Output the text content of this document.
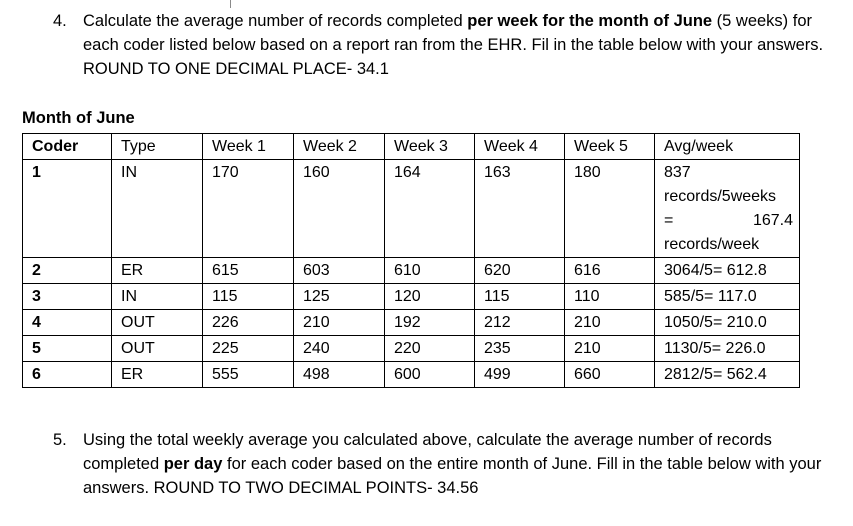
4. Calculate the average number of records completed per week for the month of June (5 weeks) for each coder listed below based on a report ran from the EHR. Fil in the table below with your answers. ROUND TO ONE DECIMAL PLACE- 34.1
Month of June
Coder	Type	Week 1	Week 2	Week 3	Week 4	Week 5	Avg/week
1	IN	170	160	164	163	180	837
records/5weeks
= 167.4
records/week

2	ER	615	603	610	620	616	3064/5= 612.8
3	IN	115	125	120	115	110	585/5= 117.0
4	OUT	226	210	192	212	210	1050/5= 210.0
5	OUT	225	240	220	235	210	1130/5= 226.0
6	ER	555	498	600	499	660	2812/5= 562.4
5. Using the total weekly average you calculated above, calculate the average number of records completed per day for each coder based on the entire month of June. Fill in the table below with your answers. ROUND TO TWO DECIMAL POINTS- 34.56
